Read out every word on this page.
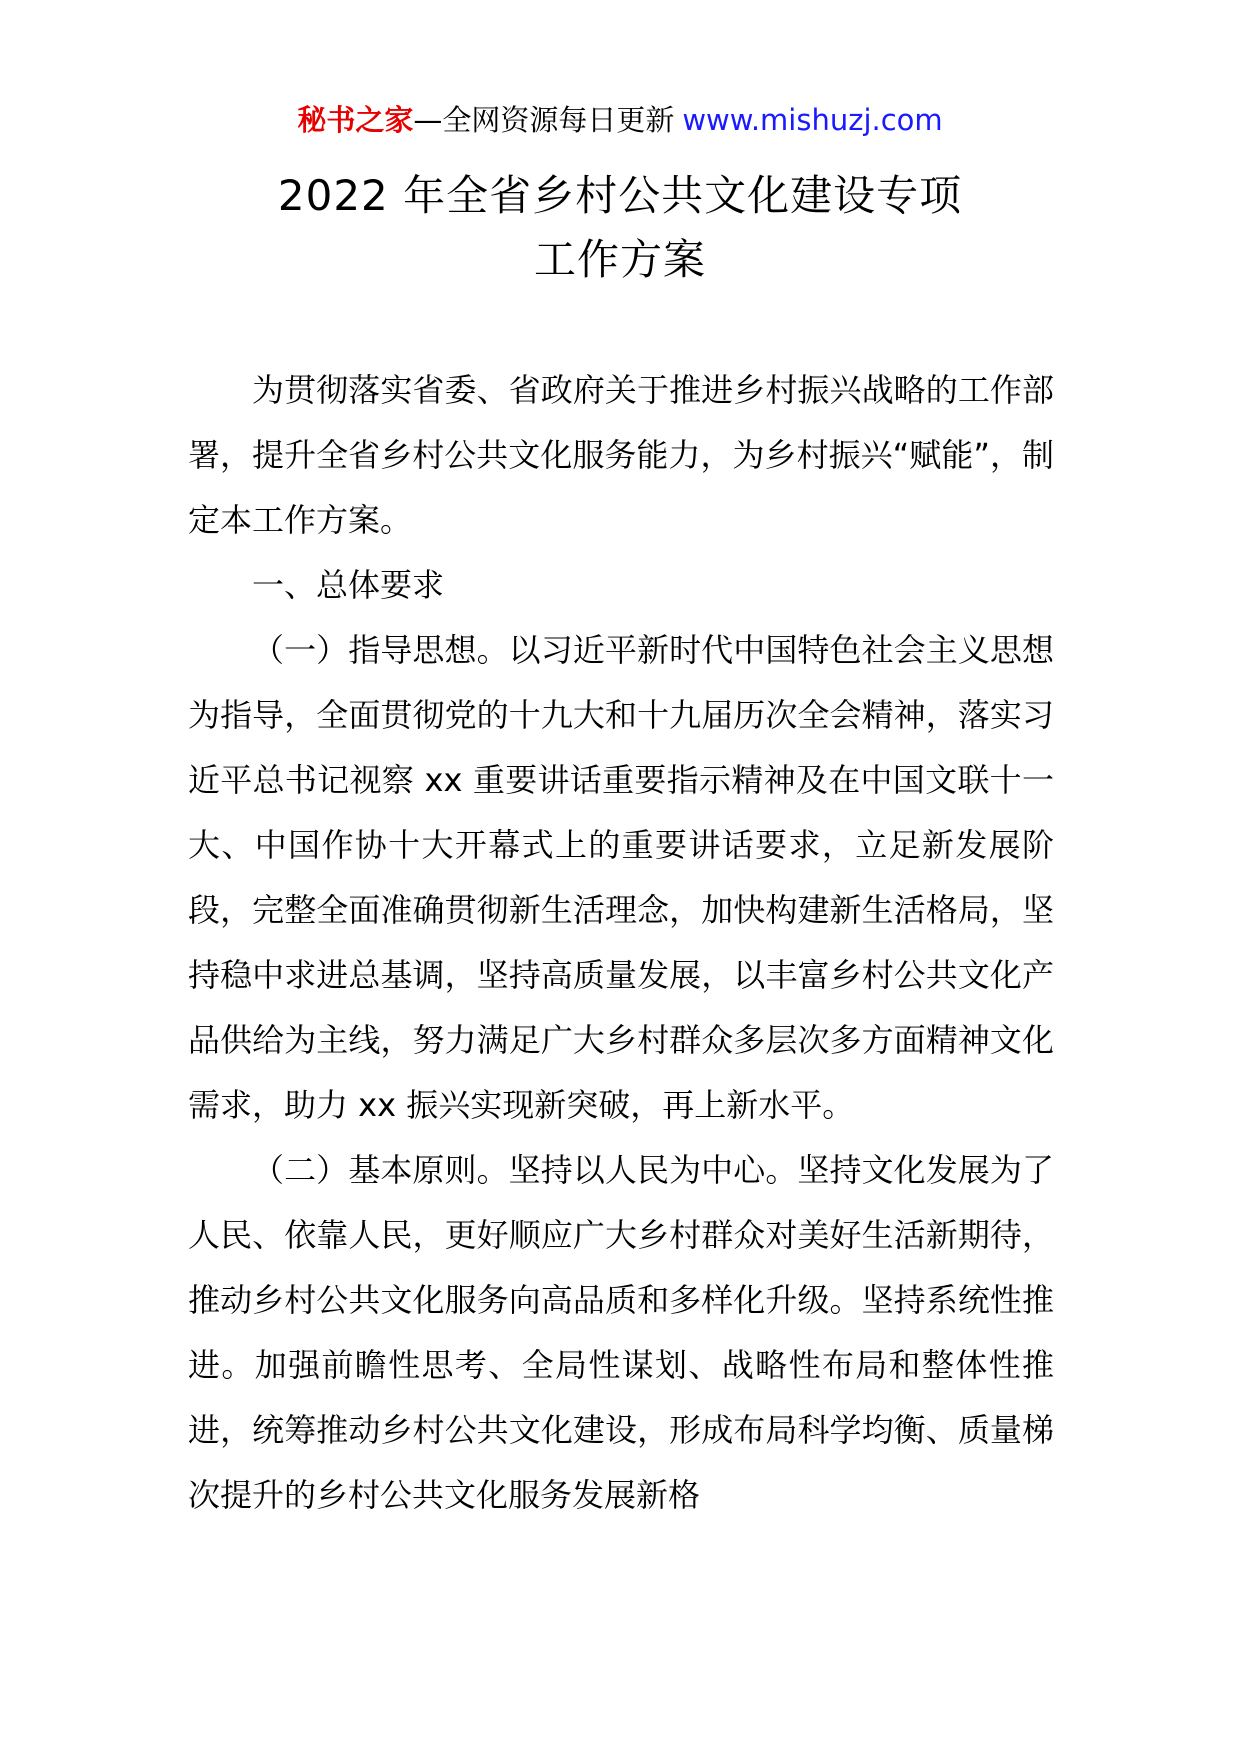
秘书之家—全网资源每日更新 www.mishuzj.com
2022 年全省乡村公共文化建设专项
工作方案

为贯彻落实省委、省政府关于推进乡村振兴战略的工作部署，提升全省乡村公共文化服务能力，为乡村振兴“赋能”，制定本工作方案。

一、总体要求

（一）指导思想。以习近平新时代中国特色社会主义思想为指导，全面贯彻党的十九大和十九届历次全会精神，落实习近平总书记视察 xx 重要讲话重要指示精神及在中国文联十一大、中国作协十大开幕式上的重要讲话要求，立足新发展阶段，完整全面准确贯彻新生活理念，加快构建新生活格局，坚持稳中求进总基调，坚持高质量发展，以丰富乡村公共文化产品供给为主线，努力满足广大乡村群众多层次多方面精神文化需求，助力 xx 振兴实现新突破，再上新水平。

（二）基本原则。坚持以人民为中心。坚持文化发展为了人民、依靠人民，更好顺应广大乡村群众对美好生活新期待，推动乡村公共文化服务向高品质和多样化升级。坚持系统性推进。加强前瞻性思考、全局性谋划、战略性布局和整体性推进，统筹推动乡村公共文化建设，形成布局科学均衡、质量梯次提升的乡村公共文化服务发展新格
